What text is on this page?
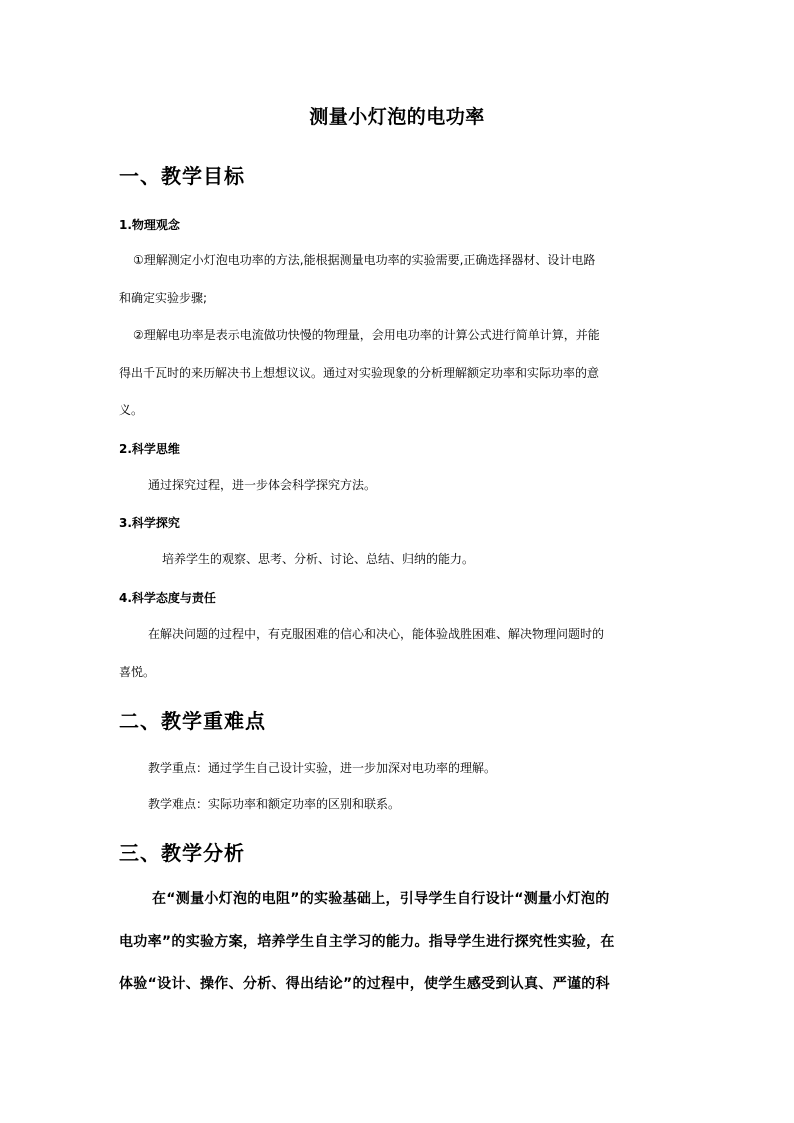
测量小灯泡的电功率
一、教学目标
1.物理观念
①理解测定小灯泡电功率的方法,能根据测量电功率的实验需要,正确选择器材、设计电路
和确定实验步骤;
②理解电功率是表示电流做功快慢的物理量，会用电功率的计算公式进行简单计算，并能
得出千瓦时的来历解决书上想想议议。通过对实验现象的分析理解额定功率和实际功率的意
义。
2.科学思维
通过探究过程，进一步体会科学探究方法。
3.科学探究
培养学生的观察、思考、分析、讨论、总结、归纳的能力。
4.科学态度与责任
在解决问题的过程中，有克服困难的信心和决心，能体验战胜困难、解决物理问题时的
喜悦。
二、教学重难点
教学重点：通过学生自己设计实验，进一步加深对电功率的理解。
教学难点：实际功率和额定功率的区别和联系。
三、教学分析
在“测量小灯泡的电阻”的实验基础上，引导学生自行设计“测量小灯泡的
电功率”的实验方案，培养学生自主学习的能力。指导学生进行探究性实验，在
体验“设计、操作、分析、得出结论”的过程中，使学生感受到认真、严谨的科
